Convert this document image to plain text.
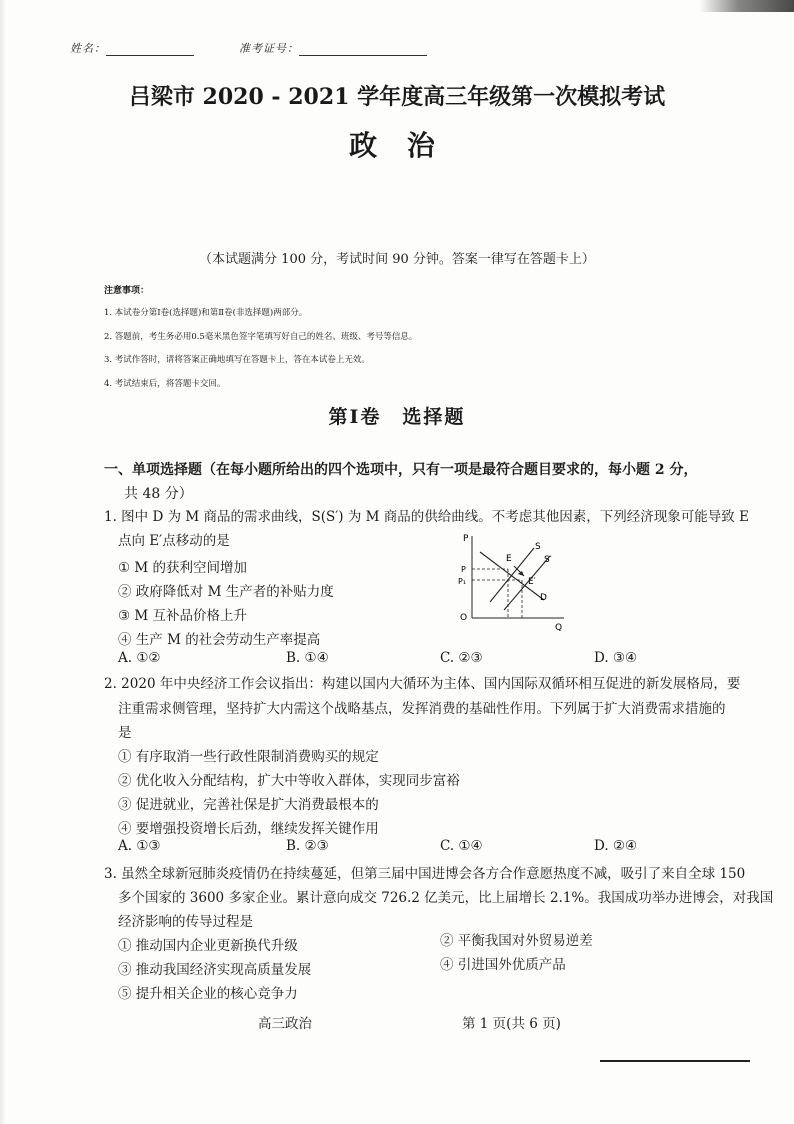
姓名：	准考证号：
吕梁市 2020 - 2021 学年度高三年级第一次模拟考试
政 治
（本试题满分 100 分，考试时间 90 分钟。答案一律写在答题卡上）
注意事项：
1. 本试卷分第Ⅰ卷(选择题)和第Ⅱ卷(非选择题)两部分。
2. 答题前，考生务必用0.5毫米黑色签字笔填写好自己的姓名、班级、考号等信息。
3. 考试作答时，请将答案正确地填写在答题卡上，答在本试卷上无效。
4. 考试结束后，将答题卡交回。
第Ⅰ卷　选择题
一、单项选择题（在每小题所给出的四个选项中，只有一项是最符合题目要求的，每小题 2 分，
共 48 分）
1. 图中 D 为 M 商品的需求曲线，S(S′) 为 M 商品的供给曲线。不考虑其他因素，下列经济现象可能导致 E
点向 E′点移动的是
① M 的获利空间增加
② 政府降低对 M 生产者的补贴力度
③ M 互补品价格上升
④ 生产 M 的社会劳动生产率提高
A. ①②	B. ①④	C. ②③	D. ③④
P
Q
O
P
P₁
E
E′
S
S′
D
2. 2020 年中央经济工作会议指出：构建以国内大循环为主体、国内国际双循环相互促进的新发展格局，要
注重需求侧管理，坚持扩大内需这个战略基点，发挥消费的基础性作用。下列属于扩大消费需求措施的
是
① 有序取消一些行政性限制消费购买的规定
② 优化收入分配结构，扩大中等收入群体，实现同步富裕
③ 促进就业，完善社保是扩大消费最根本的
④ 要增强投资增长后劲，继续发挥关键作用
A. ①③	B. ②③	C. ①④	D. ②④
3. 虽然全球新冠肺炎疫情仍在持续蔓延，但第三届中国进博会各方合作意愿热度不减，吸引了来自全球 150
多个国家的 3600 多家企业。累计意向成交 726.2 亿美元，比上届增长 2.1%。我国成功举办进博会，对我国
经济影响的传导过程是
① 推动国内企业更新换代升级	② 平衡我国对外贸易逆差
③ 推动我国经济实现高质量发展	④ 引进国外优质产品
⑤ 提升相关企业的核心竞争力
高三政治	第 1 页(共 6 页)
